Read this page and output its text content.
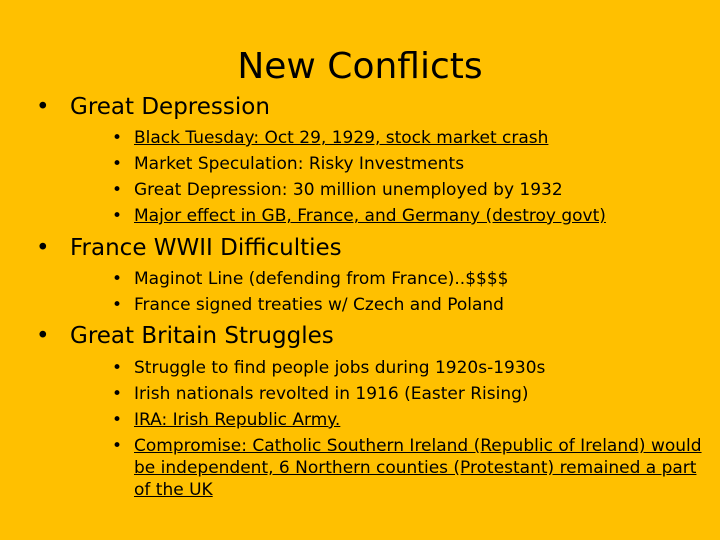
New Conflicts
• Great Depression
• Black Tuesday: Oct 29, 1929, stock market crash
• Market Speculation: Risky Investments
• Great Depression: 30 million unemployed by 1932
• Major effect in GB, France, and Germany (destroy govt)
• France WWII Difficulties
• Maginot Line (defending from France)..$$$$
• France signed treaties w/ Czech and Poland
• Great Britain Struggles
• Struggle to find people jobs during 1920s-1930s
• Irish nationals revolted in 1916 (Easter Rising)
• IRA: Irish Republic Army.
• Compromise: Catholic Southern Ireland (Republic of Ireland) would be independent, 6 Northern counties (Protestant) remained a part of the UK
